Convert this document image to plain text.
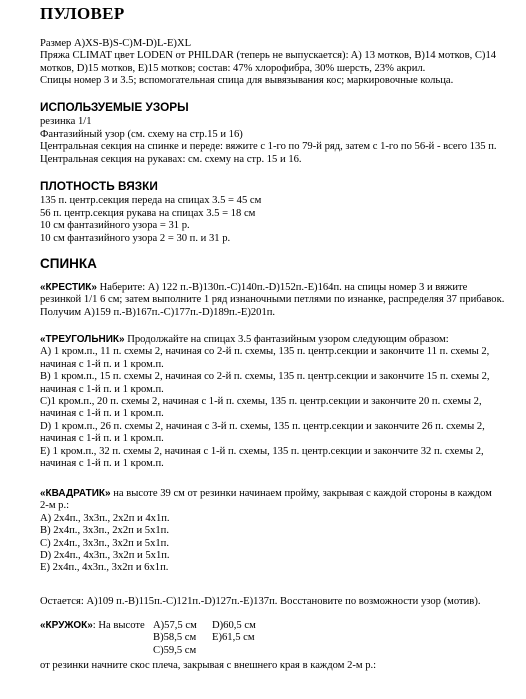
ПУЛОВЕР
Размер A)XS-B)S-C)M-D)L-E)XL
Пряжа CLIMAT цвет LODEN от PHILDAR (теперь не выпускается): A) 13 мотков, B)14 мотков, C)14
мотков, D)15 мотков, E)15 мотков; состав: 47% хлорофибра, 30% шерсть, 23% акрил.
Спицы номер 3 и 3.5; вспомогательная спица для вывязывания кос; маркировочные кольца.
ИСПОЛЬЗУЕМЫЕ УЗОРЫ
резинка 1/1
Фантазийный узор (см. схему на стр.15 и 16)
Центральная секция на спинке и переде: вяжите с 1-го по 79-й ряд, затем с 1-го по 56-й - всего 135 п.
Центральная секция на рукавах: см. схему на стр. 15 и 16.
ПЛОТНОСТЬ ВЯЗКИ
135 п. центр.секция переда на спицах 3.5 = 45 см
56 п. центр.секция рукава на спицах 3.5 = 18 см
10 см фантазийного узора = 31 p.
10 см фантазийного узора 2 = 30 п. и 31 р.
СПИНКА
«КРЕСТИК» Наберите: A) 122 п.-B)130п.-C)140п.-D)152п.-E)164п. на спицы номер 3 и вяжите
резинкой 1/1 6 см; затем выполните 1 ряд изнаночными петлями по изнанке, распределяя 37 прибавок.
Получим A)159 п.-B)167п.-C)177п.-D)189п.-E)201п.
«ТРЕУГОЛЬНИК» Продолжайте на спицах 3.5 фантазийным узором следующим образом:
A) 1 кром.п., 11 п. схемы 2, начиная со 2-й п. схемы, 135 п. центр.секции и закончите 11 п. схемы 2,
начиная с 1-й п. и 1 кром.п.
B) 1 кром.п., 15 п. схемы 2, начиная со 2-й п. схемы, 135 п. центр.секции и закончите 15 п. схемы 2,
начиная с 1-й п. и 1 кром.п.
C)1 кром.п., 20 п. схемы 2, начиная с 1-й п. схемы, 135 п. центр.секции и закончите 20 п. схемы 2,
начиная с 1-й п. и 1 кром.п.
D) 1 кром.п., 26 п. схемы 2, начиная с 3-й п. схемы, 135 п. центр.секции и закончите 26 п. схемы 2,
начиная с 1-й п. и 1 кром.п.
E) 1 кром.п., 32 п. схемы 2, начиная с 1-й п. схемы, 135 п. центр.секции и закончите 32 п. схемы 2,
начиная с 1-й п. и 1 кром.п.
«КВАДРАТИК» на высоте 39 см от резинки начинаем пройму, закрывая с каждой стороны в каждом
2-м р.:
A) 2х4п., 3х3п., 2х2п и 4х1п.
B) 2х4п., 3х3п., 2х2п и 5х1п.
C) 2х4п., 3х3п., 3х2п и 5х1п.
D) 2х4п., 4х3п., 3х2п и 5х1п.
E) 2х4п., 4х3п., 3х2п и 6х1п.
Остается: A)109 п.-B)115п.-C)121п.-D)127п.-E)137п. Восстановите по возможности узор (мотив).
«КРУЖОК»: На высоте A)57,5 см D)60,5 см
B)58,5 см E)61,5 см
C)59,5 см
от резинки начните скос плеча, закрывая с внешнего края в каждом 2-м р.:
